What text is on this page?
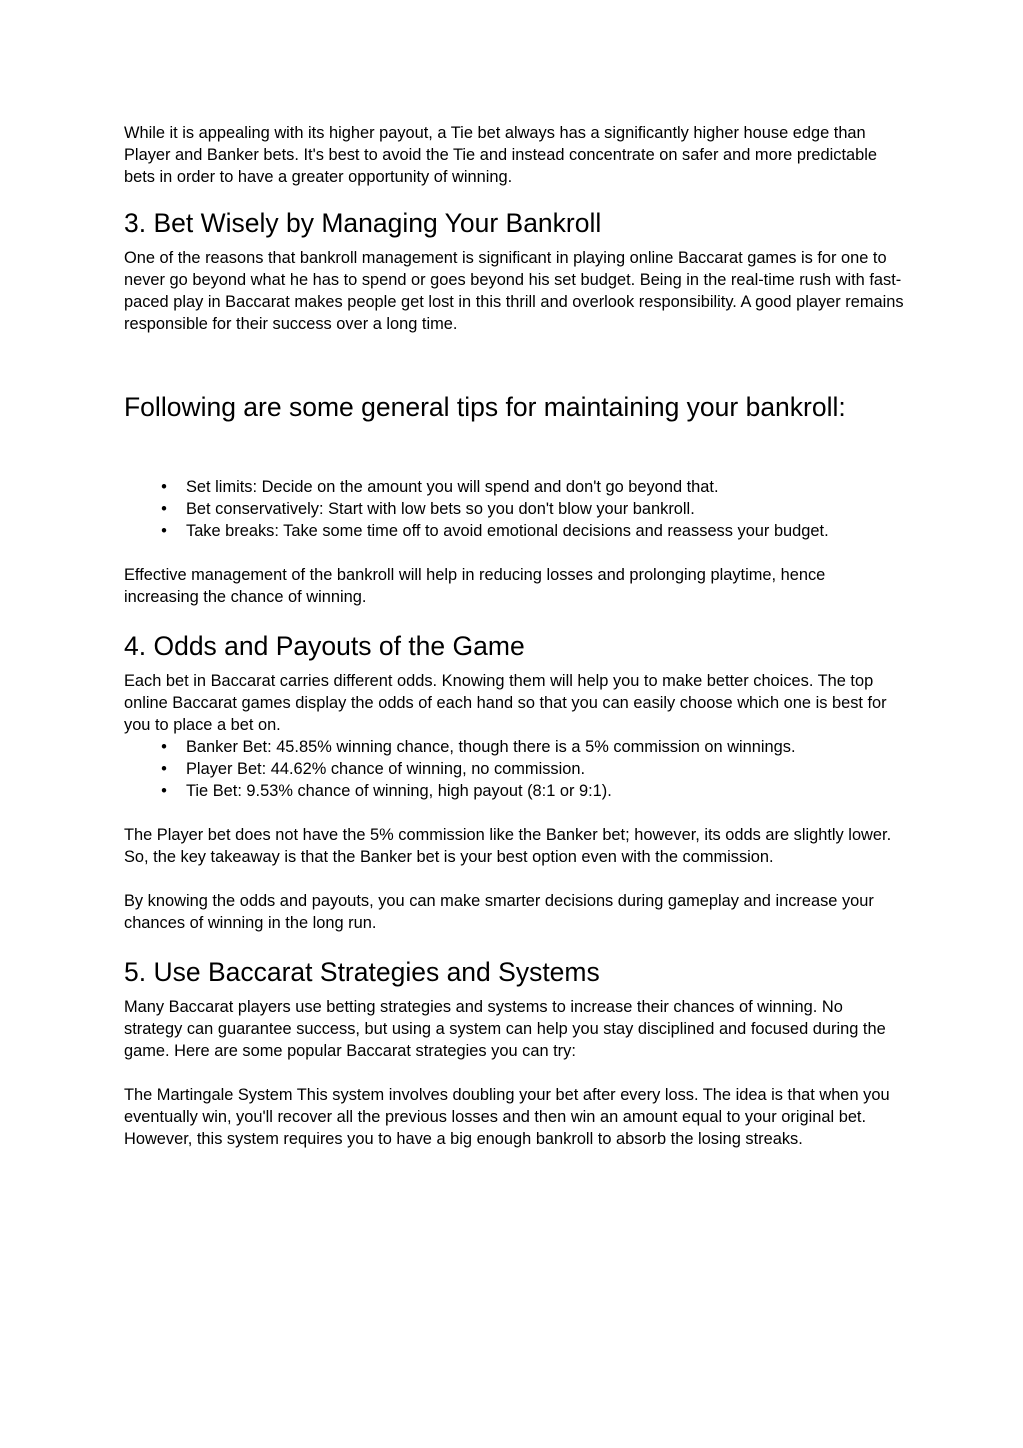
While it is appealing with its higher payout, a Tie bet always has a significantly higher house edge than Player and Banker bets. It's best to avoid the Tie and instead concentrate on safer and more predictable bets in order to have a greater opportunity of winning.

3. Bet Wisely by Managing Your Bankroll

One of the reasons that bankroll management is significant in playing online Baccarat games is for one to never go beyond what he has to spend or goes beyond his set budget. Being in the real-time rush with fast-paced play in Baccarat makes people get lost in this thrill and overlook responsibility. A good player remains responsible for their success over a long time.

Following are some general tips for maintaining your bankroll:
• Set limits: Decide on the amount you will spend and don't go beyond that.
• Bet conservatively: Start with low bets so you don't blow your bankroll.
• Take breaks: Take some time off to avoid emotional decisions and reassess your budget.

Effective management of the bankroll will help in reducing losses and prolonging playtime, hence increasing the chance of winning.

4. Odds and Payouts of the Game

Each bet in Baccarat carries different odds. Knowing them will help you to make better choices. The top online Baccarat games display the odds of each hand so that you can easily choose which one is best for you to place a bet on.

• Banker Bet: 45.85% winning chance, though there is a 5% commission on winnings.
• Player Bet: 44.62% chance of winning, no commission.
• Tie Bet: 9.53% chance of winning, high payout (8:1 or 9:1).

The Player bet does not have the 5% commission like the Banker bet; however, its odds are slightly lower. So, the key takeaway is that the Banker bet is your best option even with the commission.

By knowing the odds and payouts, you can make smarter decisions during gameplay and increase your chances of winning in the long run.

5. Use Baccarat Strategies and Systems

Many Baccarat players use betting strategies and systems to increase their chances of winning. No strategy can guarantee success, but using a system can help you stay disciplined and focused during the game. Here are some popular Baccarat strategies you can try:

The Martingale System This system involves doubling your bet after every loss. The idea is that when you eventually win, you'll recover all the previous losses and then win an amount equal to your original bet. However, this system requires you to have a big enough bankroll to absorb the losing streaks.
